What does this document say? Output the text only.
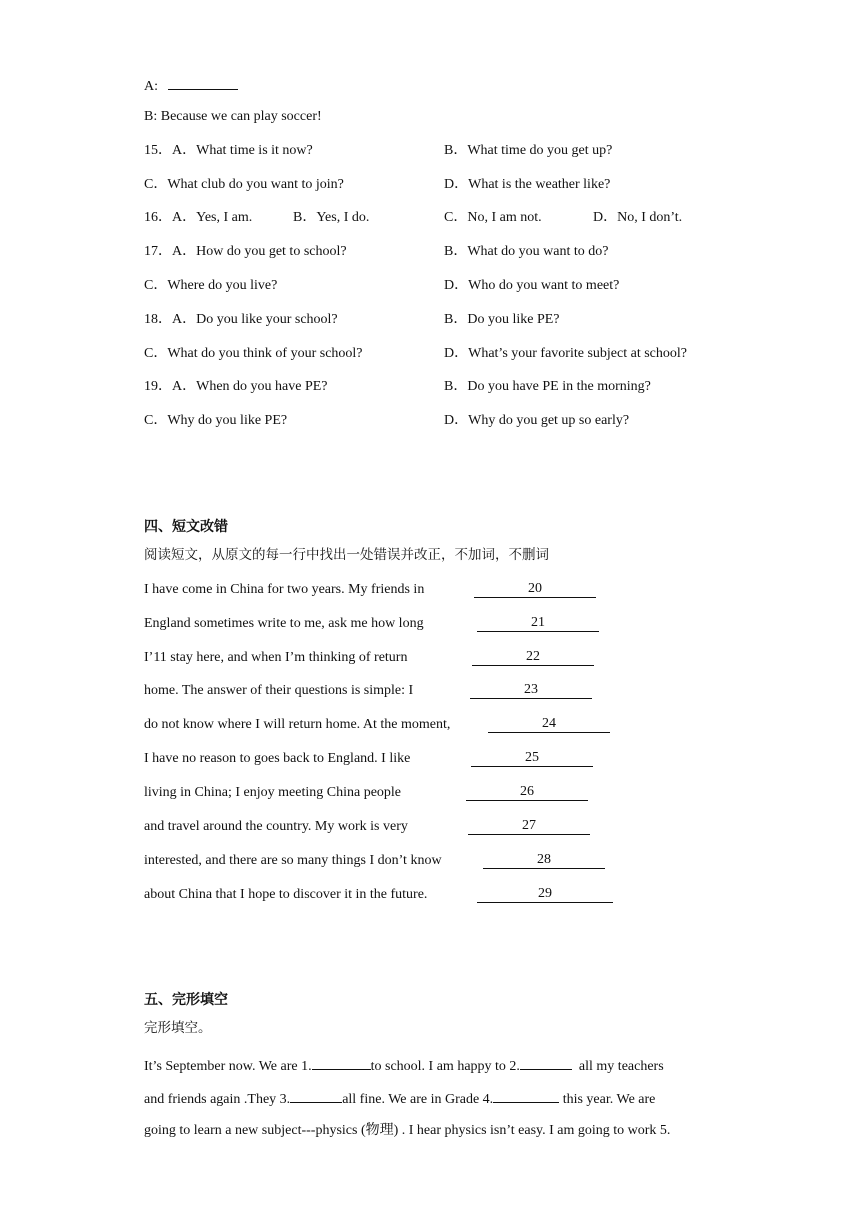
A:
B: Because we can play soccer!
15．A．What time is it now?	B．What time do you get up?
C．What club do you want to join?	D．What is the weather like?
16．A．Yes, I am.	B．Yes, I do.	C．No, I am not.	D．No, I don’t.
17．A．How do you get to school?	B．What do you want to do?
C．Where do you live?	D．Who do you want to meet?
18．A．Do you like your school?	B．Do you like PE?
C．What do you think of your school?	D．What’s your favorite subject at school?
19．A．When do you have PE?	B．Do you have PE in the morning?
C．Why do you like PE?	D．Why do you get up so early?
四、短文改错
阅读短文，从原文的每一行中找出一处错误并改正，不加词，不删词
I have come in China for two years. My friends in	20
England sometimes write to me, ask me how long	21
I’11 stay here, and when I’m thinking of return	22
home. The answer of their questions is simple: I	23
do not know where I will return home. At the moment,	24
I have no reason to goes back to England. I like	25
living in China; I enjoy meeting China people	26
and travel around the country. My work is very	27
interested, and there are so many things I don’t know	28
about China that I hope to discover it in the future.	29
五、完形填空
完形填空。
It’s September now. We are 1.	to school. I am happy to 2.	all my teachers
and friends again .They 3.	all fine. We are in Grade 4.	this year. We are
going to learn a new subject---physics (物理) . I hear physics isn’t easy. I am going to work 5.
